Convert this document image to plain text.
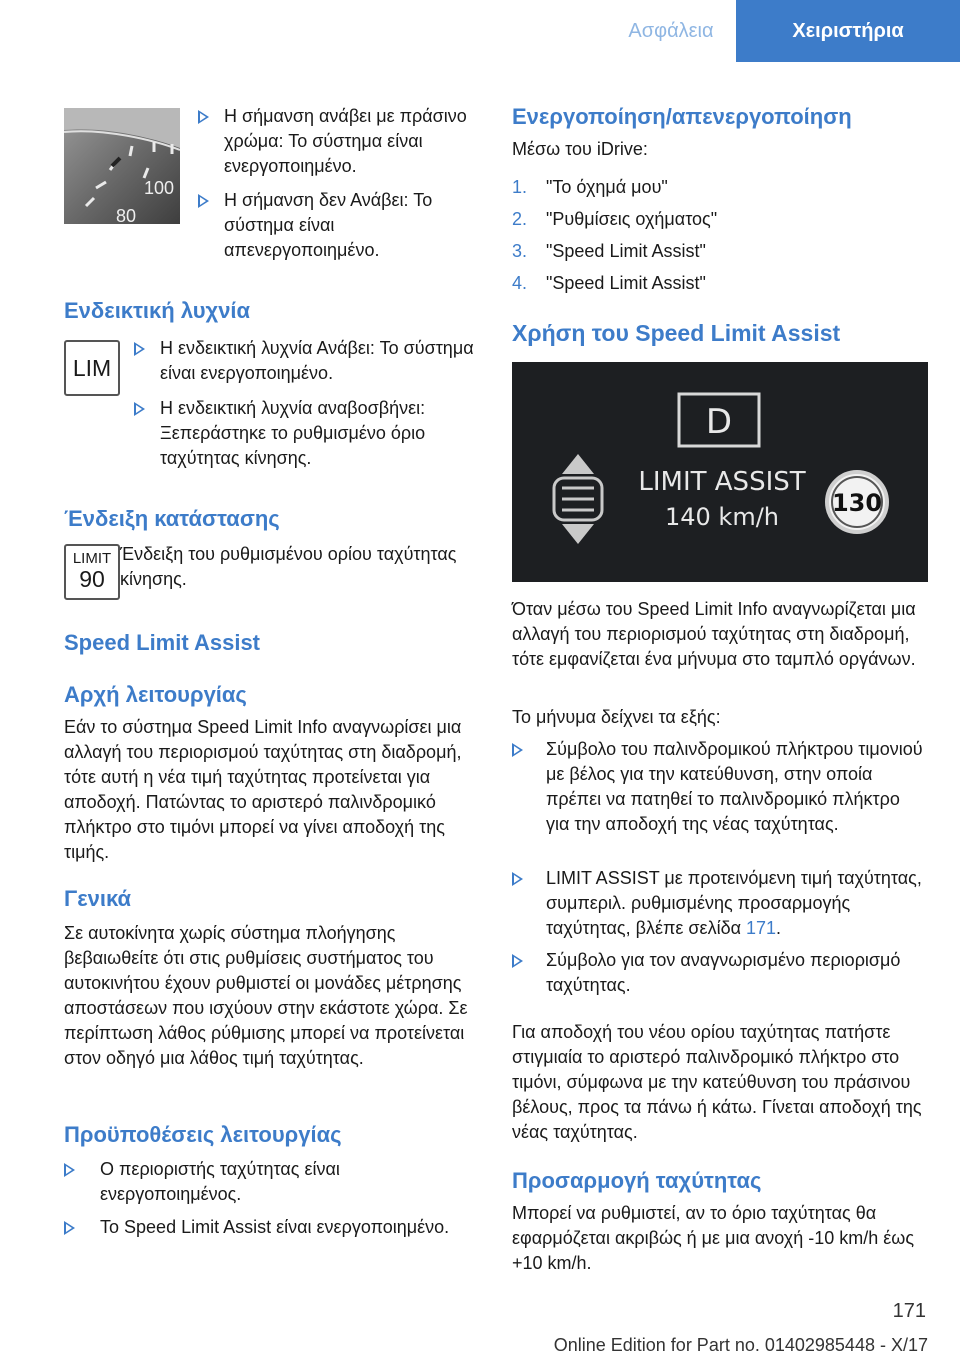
Ασφάλεια	Χειριστήρια
100
80
Η σήμανση ανάβει με πράσινο χρώμα: Το σύστημα είναι ενεργοποιημένο.
Η σήμανση δεν Ανάβει: Το σύστημα είναι απενεργοποιημένο.
Ενδεικτική λυχνία
LIM
Η ενδεικτική λυχνία Ανάβει: Το σύστημα είναι ενεργοποιημένο.
Η ενδεικτική λυχνία αναβοσβήνει: Ξεπεράστηκε το ρυθμισμένο όριο ταχύτητας κίνησης.
Ένδειξη κατάστασης
LIMIT
90
Ένδειξη του ρυθμισμένου ορίου ταχύτητας κίνησης.
Speed Limit Assist
Αρχή λειτουργίας
Εάν το σύστημα Speed Limit Info αναγνωρίσει μια αλλαγή του περιορισμού ταχύτητας στη διαδρομή, τότε αυτή η νέα τιμή ταχύτητας προτείνεται για αποδοχή. Πατώντας το αριστερό παλινδρομικό πλήκτρο στο τιμόνι μπορεί να γίνει αποδοχή της τιμής.
Γενικά
Σε αυτοκίνητα χωρίς σύστημα πλοήγησης βεβαιωθείτε ότι στις ρυθμίσεις συστήματος του αυτοκινήτου έχουν ρυθμιστεί οι μονάδες μέτρησης αποστάσεων που ισχύουν στην εκάστοτε χώρα. Σε περίπτωση λάθος ρύθμισης μπορεί να προτείνεται στον οδηγό μια λάθος τιμή ταχύτητας.
Προϋποθέσεις λειτουργίας
Ο περιοριστής ταχύτητας είναι ενεργοποιημένος.
Το Speed Limit Assist είναι ενεργοποιημένο.
Ενεργοποίηση/απενεργοποίηση
Μέσω του iDrive:
1. "Το όχημά μου"
2. "Ρυθμίσεις οχήματος"
3. "Speed Limit Assist"
4. "Speed Limit Assist"
Χρήση του Speed Limit Assist
D
LIMIT ASSIST
140 km/h 130
Όταν μέσω του Speed Limit Info αναγνωρίζεται μια αλλαγή του περιορισμού ταχύτητας στη διαδρομή, τότε εμφανίζεται ένα μήνυμα στο ταμπλό οργάνων.
Το μήνυμα δείχνει τα εξής:
Σύμβολο του παλινδρομικού πλήκτρου τιμονιού με βέλος για την κατεύθυνση, στην οποία πρέπει να πατηθεί το παλινδρομικό πλήκτρο για την αποδοχή της νέας ταχύτητας.
LIMIT ASSIST με προτεινόμενη τιμή ταχύτητας, συμπεριλ. ρυθμισμένης προσαρμογής ταχύτητας, βλέπε σελίδα 171.
Σύμβολο για τον αναγνωρισμένο περιορισμό ταχύτητας.
Για αποδοχή του νέου ορίου ταχύτητας πατήστε στιγμιαία το αριστερό παλινδρομικό πλήκτρο στο τιμόνι, σύμφωνα με την κατεύθυνση του πράσινου βέλους, προς τα πάνω ή κάτω. Γίνεται αποδοχή της νέας ταχύτητας.
Προσαρμογή ταχύτητας
Μπορεί να ρυθμιστεί, αν το όριο ταχύτητας θα εφαρμόζεται ακριβώς ή με μια ανοχή -10 km/h έως +10 km/h.
171
Online Edition for Part no. 01402985448 - X/17
